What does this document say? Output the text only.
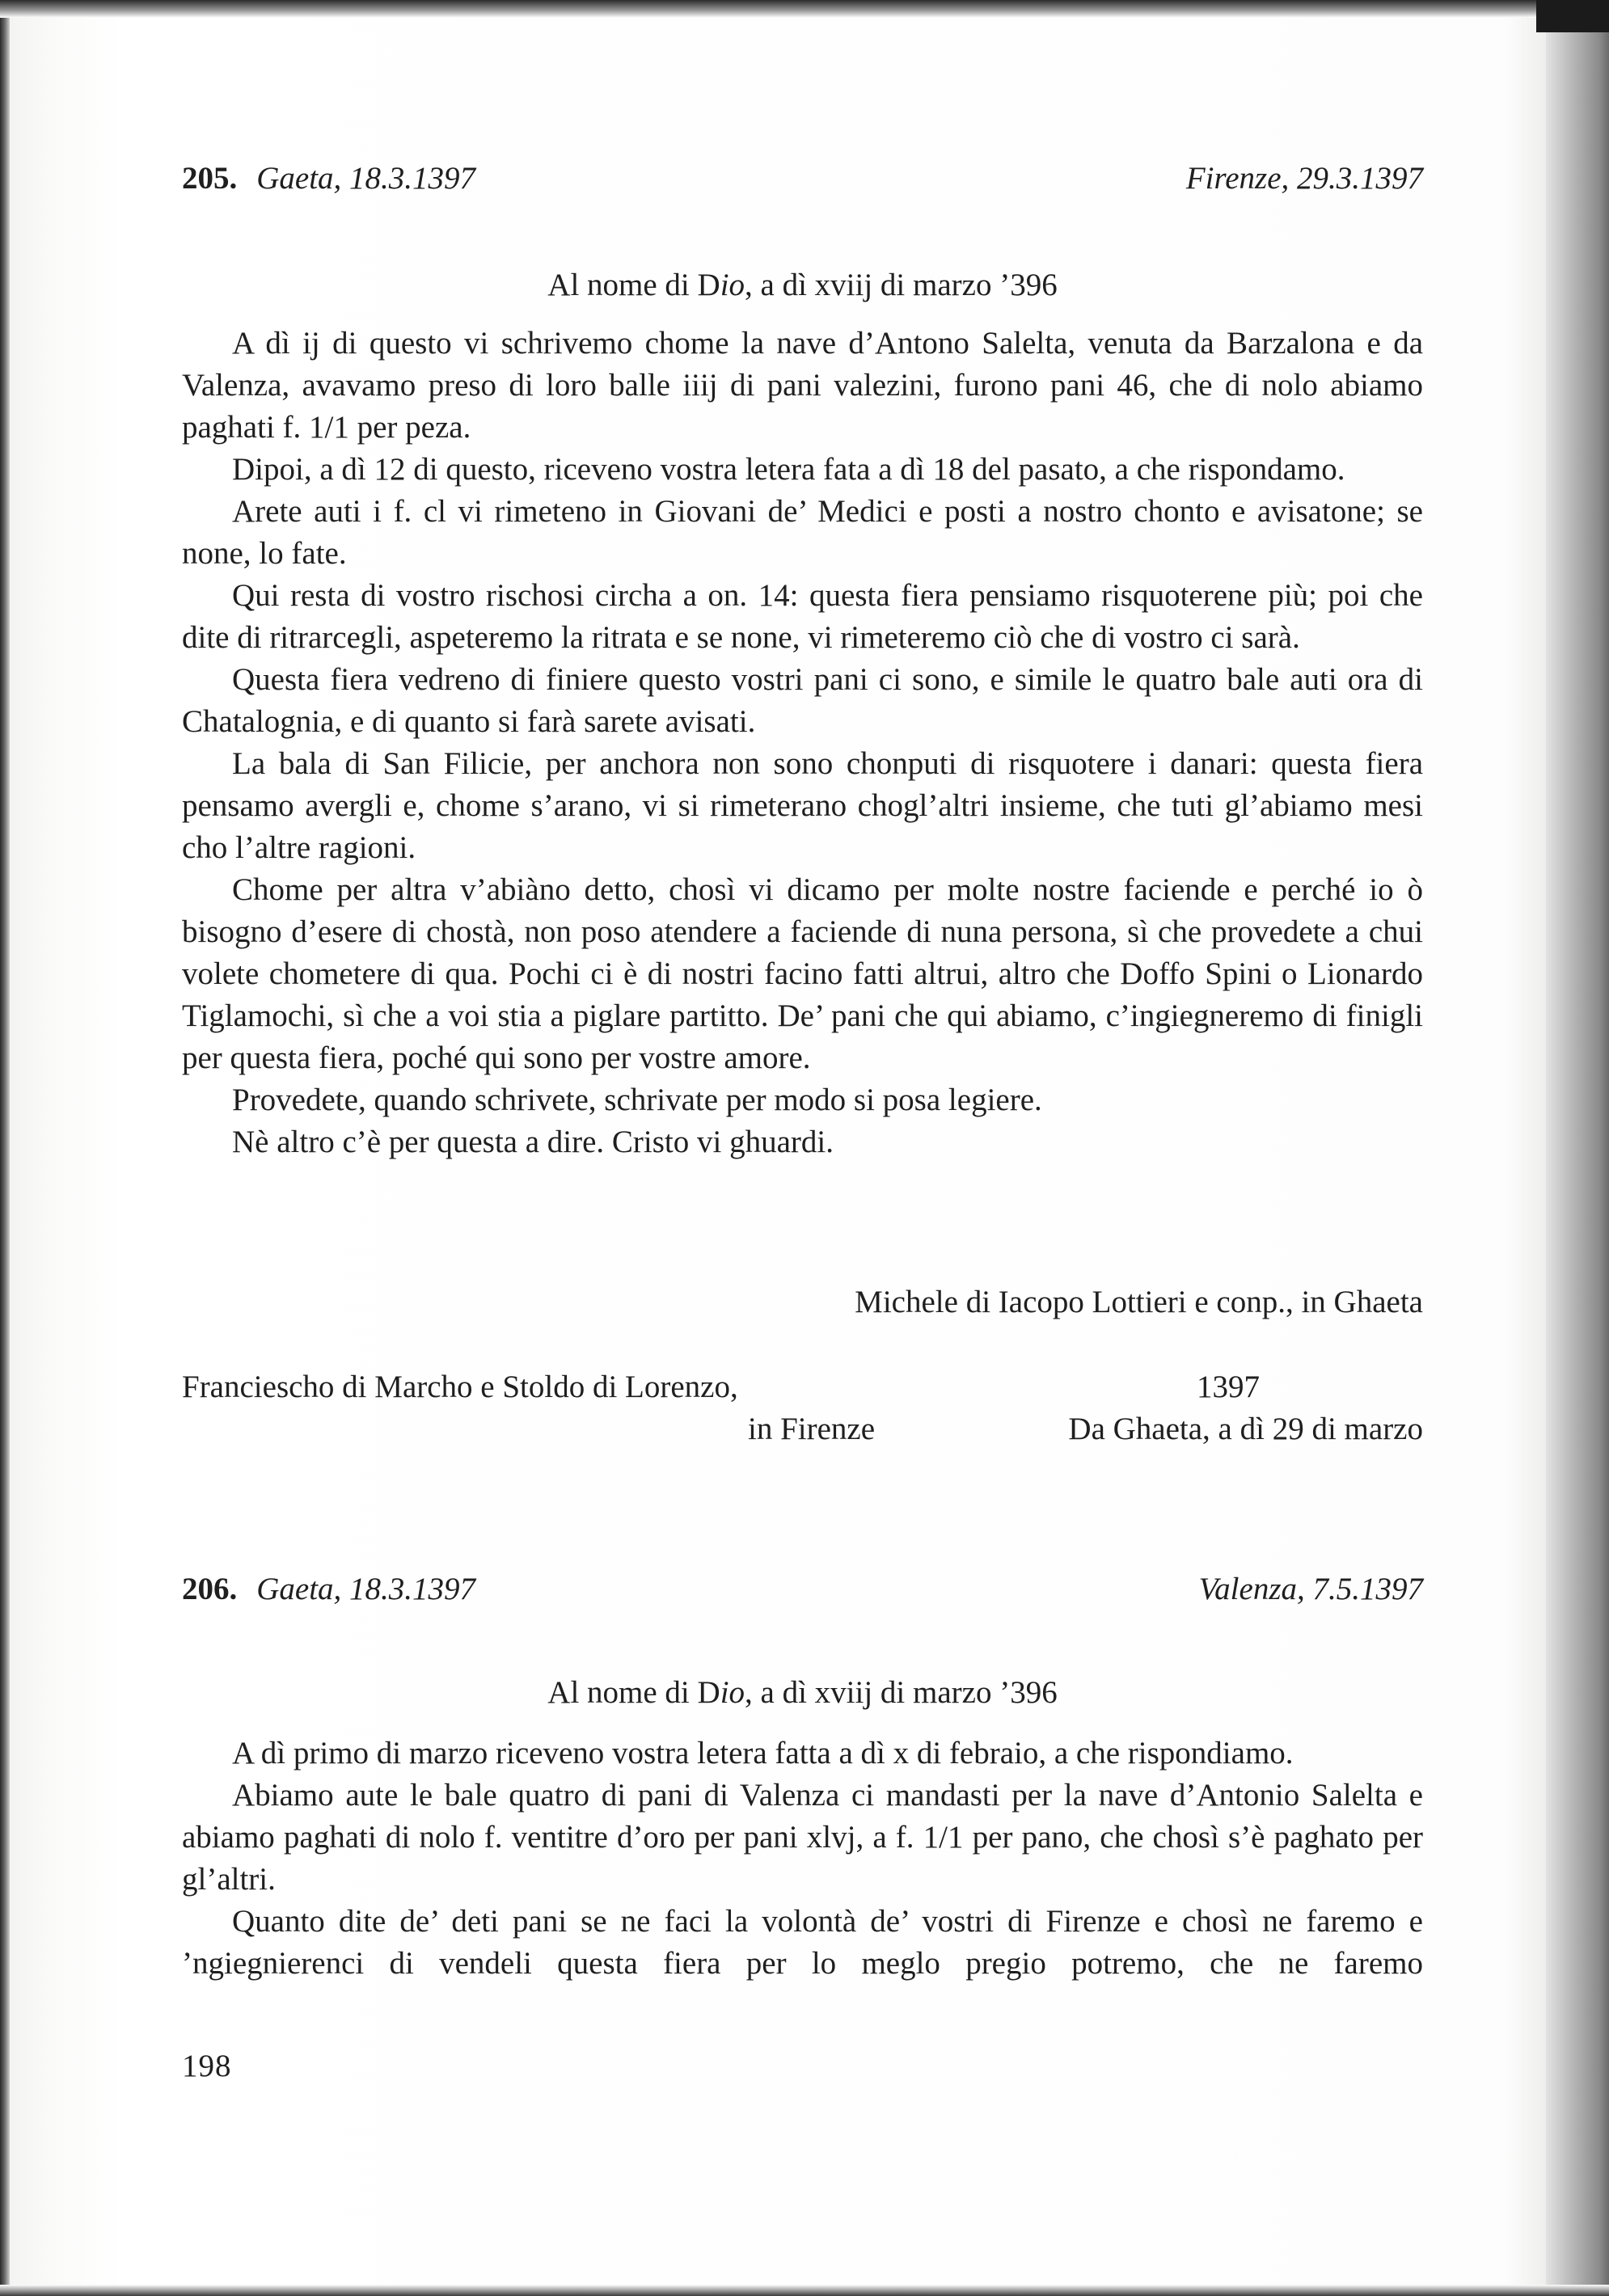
205. Gaeta, 18.3.1397	Firenze, 29.3.1397
Al nome di Dio, a dì xviij di marzo ’396

A dì ij di questo vi schrivemo chome la nave d’Antono Salelta, venuta da Barzalona e da Valenza, avavamo preso di loro balle iiij di pani valezini, furono pani 46, che di nolo abiamo paghati f. 1/1 per peza.

Dipoi, a dì 12 di questo, riceveno vostra letera fata a dì 18 del pasato, a che rispondamo.

Arete auti i f. cl vi rimeteno in Giovani de’ Medici e posti a nostro chonto e avisatone; se none, lo fate.

Qui resta di vostro rischosi circha a on. 14: questa fiera pensiamo risquoterene più; poi che dite di ritrarcegli, aspeteremo la ritrata e se none, vi rimeteremo ciò che di vostro ci sarà.

Questa fiera vedreno di finiere questo vostri pani ci sono, e simile le quatro bale auti ora di Chatalognia, e di quanto si farà sarete avisati.

La bala di San Filicie, per anchora non sono chonputi di risquotere i danari: questa fiera pensamo avergli e, chome s’arano, vi si rimeterano chogl’altri insieme, che tuti gl’abiamo mesi cho l’altre ragioni.

Chome per altra v’abiàno detto, chosì vi dicamo per molte nostre faciende e perché io ò bisogno d’esere di chostà, non poso atendere a faciende di nuna persona, sì che provedete a chui volete chometere di qua. Pochi ci è di nostri facino fatti altrui, altro che Doffo Spini o Lionardo Tiglamochi, sì che a voi stia a piglare partitto. De’ pani che qui abiamo, c’ingiegneremo di finigli per questa fiera, poché qui sono per vostre amore.

Provedete, quando schrivete, schrivate per modo si posa legiere.

Nè altro c’è per questa a dire. Cristo vi ghuardi.

Michele di Iacopo Lottieri e conp., in Ghaeta
Franciescho di Marcho e Stoldo di Lorenzo,	1397
in Firenze	Da Ghaeta, a dì 29 di marzo
206. Gaeta, 18.3.1397	Valenza, 7.5.1397
Al nome di Dio, a dì xviij di marzo ’396

A dì primo di marzo riceveno vostra letera fatta a dì x di febraio, a che rispondiamo.

Abiamo aute le bale quatro di pani di Valenza ci mandasti per la nave d’Antonio Salelta e abiamo paghati di nolo f. ventitre d’oro per pani xlvj, a f. 1/1 per pano, che chosì s’è paghato per gl’altri.

Quanto dite de’ deti pani se ne faci la volontà de’ vostri di Firenze e chosì ne faremo e ’ngiegnierenci di vendeli questa fiera per lo meglo pregio potremo, che ne faremo

198
